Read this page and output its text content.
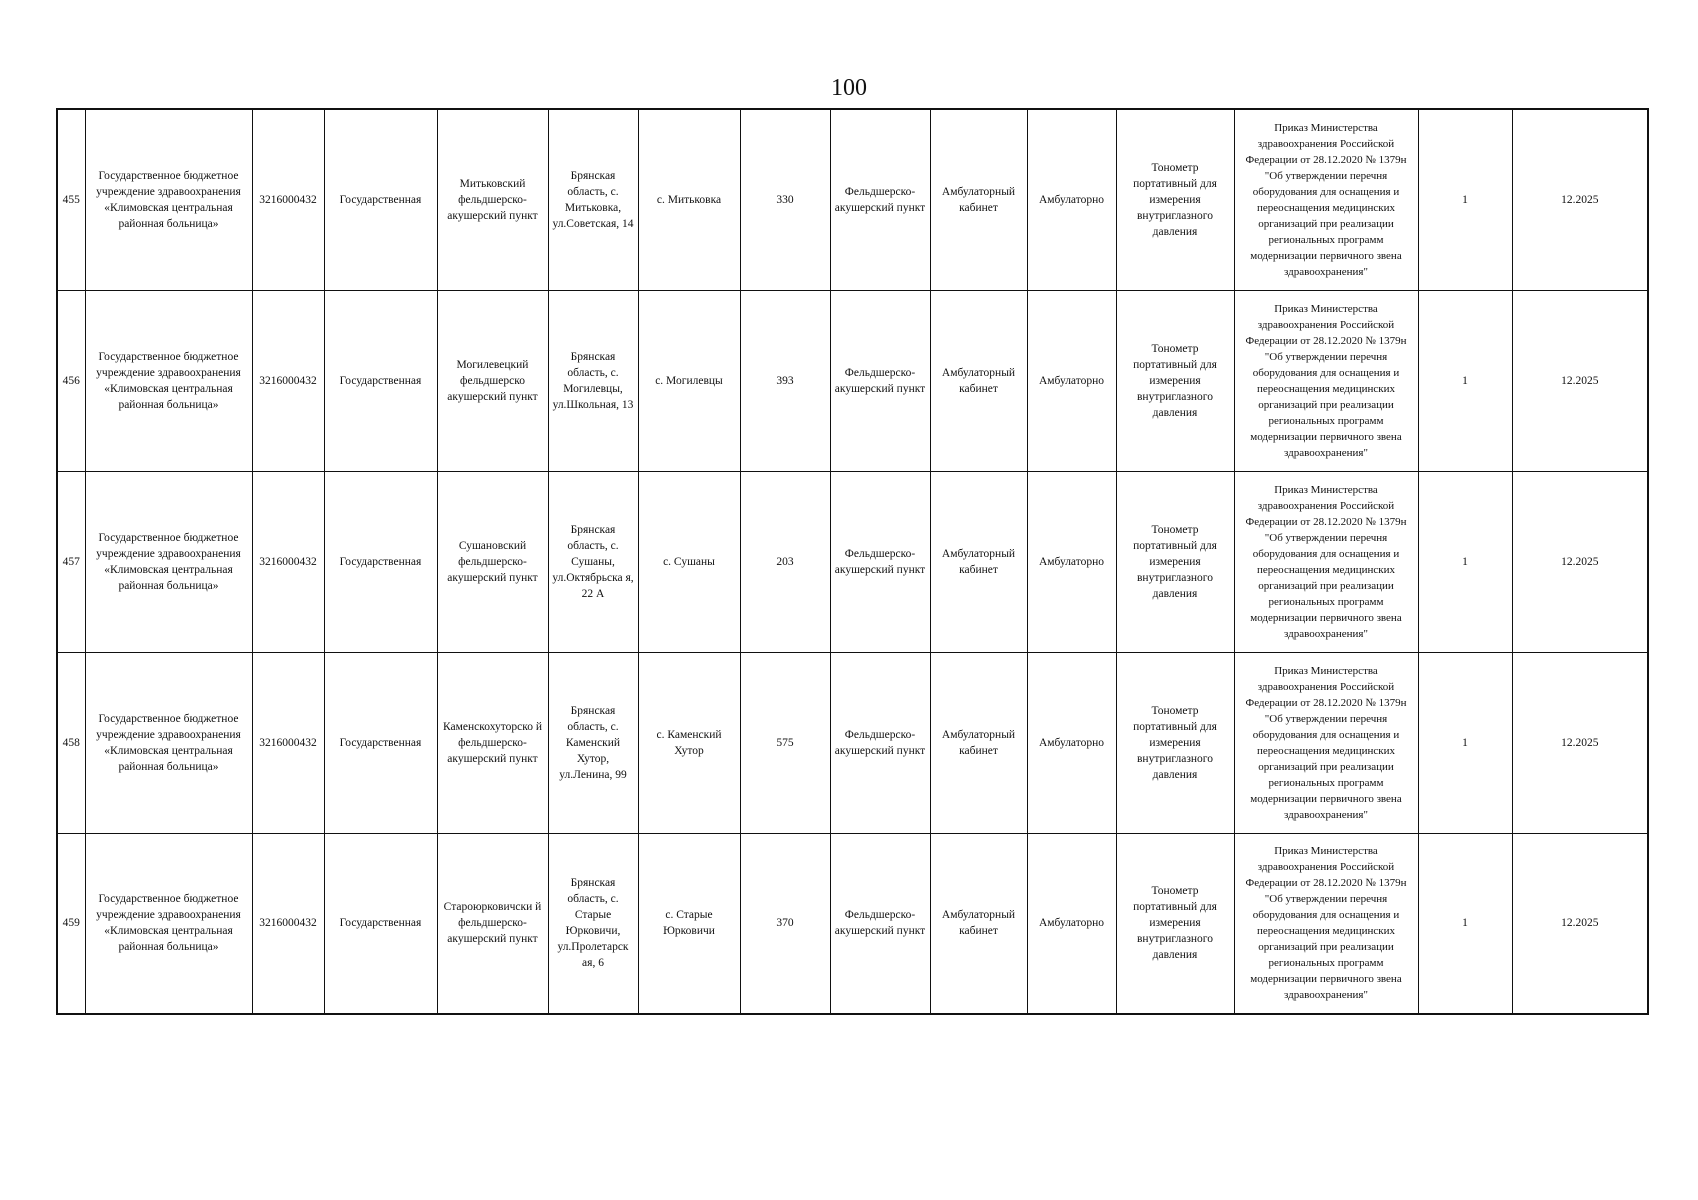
100
455	Государственное бюджетное учреждение здравоохранения «Климовская центральная районная больница»	3216000432	Государственная	Митьковский фельдшерско-акушерский пункт	Брянская область, с. Митьковка, ул.Советская, 14	с. Митьковка	330	Фельдшерско-акушерский пункт	Амбулаторный кабинет	Амбулаторно	Тонометр портативный для измерения внутриглазного давления	Приказ Министерства здравоохранения Российской Федерации от 28.12.2020 № 1379н "Об утверждении перечня оборудования для оснащения и переоснащения медицинских организаций при реализации региональных программ модернизации первичного звена здравоохранения"	1	12.2025
456	Государственное бюджетное учреждение здравоохранения «Климовская центральная районная больница»	3216000432	Государственная	Могилевецкий фельдшерско акушерский пункт	Брянская область, с. Могилевцы, ул.Школьная, 13	с. Могилевцы	393	Фельдшерско-акушерский пункт	Амбулаторный кабинет	Амбулаторно	Тонометр портативный для измерения внутриглазного давления	Приказ Министерства здравоохранения Российской Федерации от 28.12.2020 № 1379н "Об утверждении перечня оборудования для оснащения и переоснащения медицинских организаций при реализации региональных программ модернизации первичного звена здравоохранения"	1	12.2025
457	Государственное бюджетное учреждение здравоохранения «Климовская центральная районная больница»	3216000432	Государственная	Сушановский фельдшерско-акушерский пункт	Брянская область, с. Сушаны, ул.Октябрьска я, 22 А	с. Сушаны	203	Фельдшерско-акушерский пункт	Амбулаторный кабинет	Амбулаторно	Тонометр портативный для измерения внутриглазного давления	Приказ Министерства здравоохранения Российской Федерации от 28.12.2020 № 1379н "Об утверждении перечня оборудования для оснащения и переоснащения медицинских организаций при реализации региональных программ модернизации первичного звена здравоохранения"	1	12.2025
458	Государственное бюджетное учреждение здравоохранения «Климовская центральная районная больница»	3216000432	Государственная	Каменскохуторско й фельдшерско-акушерский пункт	Брянская область, с. Каменский Хутор, ул.Ленина, 99	с. Каменский Хутор	575	Фельдшерско-акушерский пункт	Амбулаторный кабинет	Амбулаторно	Тонометр портативный для измерения внутриглазного давления	Приказ Министерства здравоохранения Российской Федерации от 28.12.2020 № 1379н "Об утверждении перечня оборудования для оснащения и переоснащения медицинских организаций при реализации региональных программ модернизации первичного звена здравоохранения"	1	12.2025
459	Государственное бюджетное учреждение здравоохранения «Климовская центральная районная больница»	3216000432	Государственная	Староюрковичски й фельдшерско-акушерский пункт	Брянская область, с. Старые Юрковичи, ул.Пролетарск ая, 6	с. Старые Юрковичи	370	Фельдшерско-акушерский пункт	Амбулаторный кабинет	Амбулаторно	Тонометр портативный для измерения внутриглазного давления	Приказ Министерства здравоохранения Российской Федерации от 28.12.2020 № 1379н "Об утверждении перечня оборудования для оснащения и переоснащения медицинских организаций при реализации региональных программ модернизации первичного звена здравоохранения"	1	12.2025
